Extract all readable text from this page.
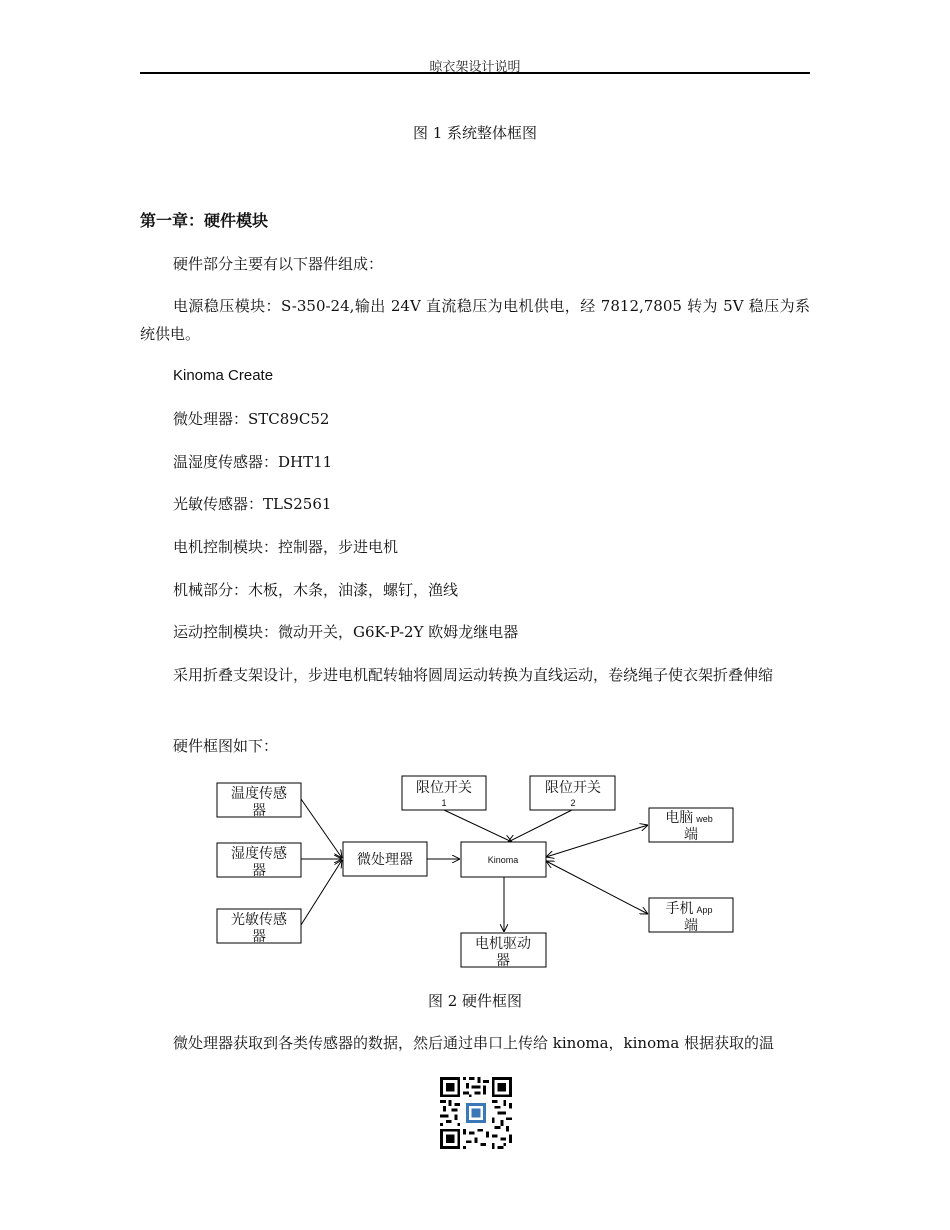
晾衣架设计说明
图 1 系统整体框图
第一章：硬件模块

硬件部分主要有以下器件组成：

电源稳压模块：S-350-24,输出 24V 直流稳压为电机供电，经 7812,7805 转为 5V 稳压为系统供电。

Kinoma Create

微处理器：STC89C52

温湿度传感器：DHT11

光敏传感器：TLS2561

电机控制模块：控制器，步进电机

机械部分：木板，木条，油漆，螺钉，渔线

运动控制模块：微动开关，G6K-P-2Y 欧姆龙继电器

采用折叠支架设计，步进电机配转轴将圆周运动转换为直线运动，卷绕绳子使衣架折叠伸缩

硬件框图如下：

温度传感
器
湿度传感
器
光敏传感
器
微处理器	Kinoma
限位开关
1
限位开关
2
电脑 web
端
手机 App
端
电机驱动
器
图 2 硬件框图

微处理器获取到各类传感器的数据，然后通过串口上传给 kinoma，kinoma 根据获取的温
